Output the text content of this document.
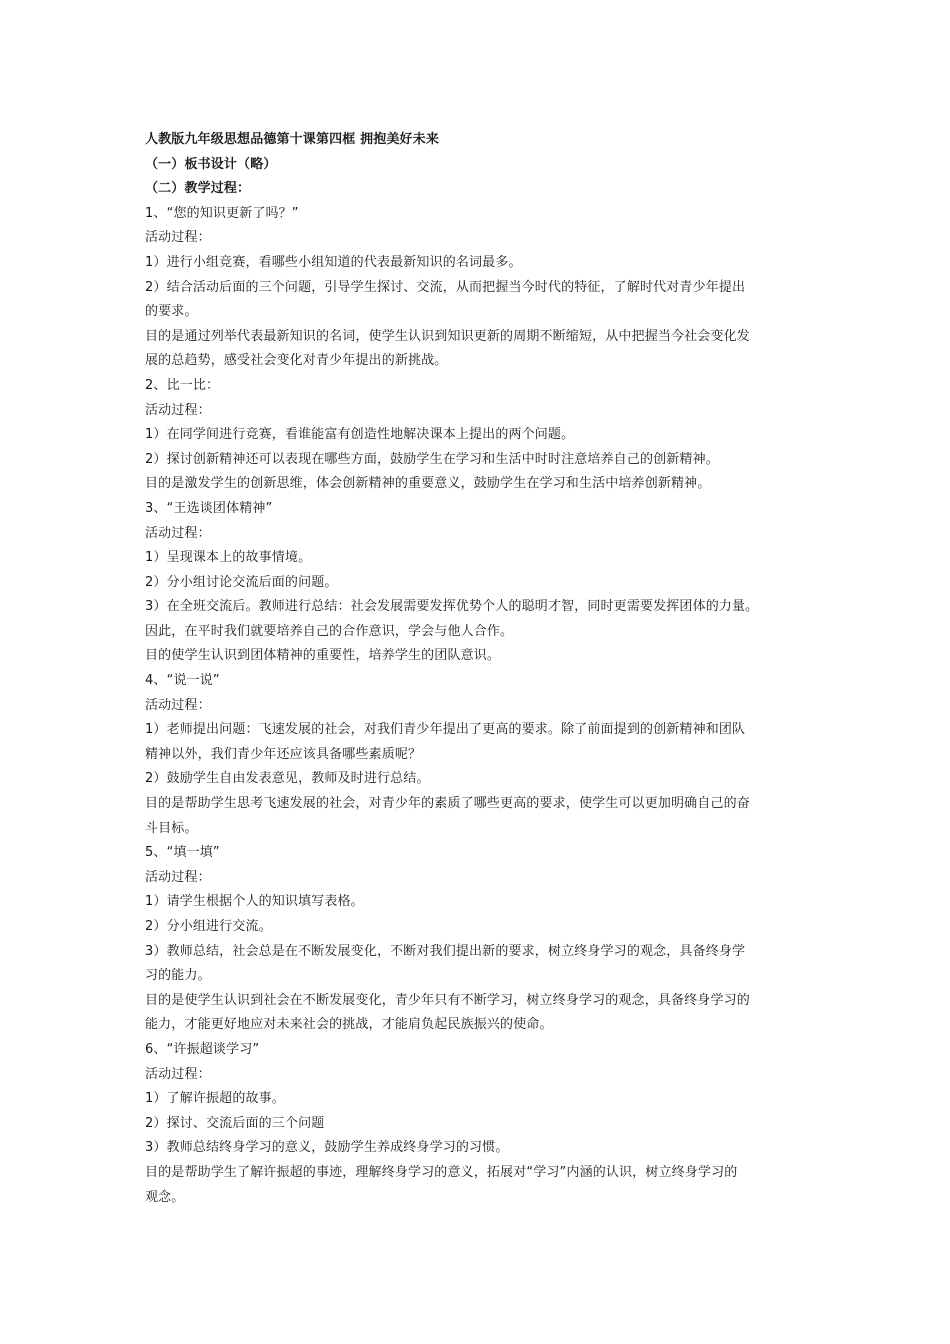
人教版九年级思想品德第十课第四框 拥抱美好未来
（一）板书设计（略）
（二）教学过程：
1、“您的知识更新了吗？”
活动过程：
1）进行小组竞赛，看哪些小组知道的代表最新知识的名词最多。
2）结合活动后面的三个问题，引导学生探讨、交流，从而把握当今时代的特征，了解时代对青少年提出
的要求。
目的是通过列举代表最新知识的名词，使学生认识到知识更新的周期不断缩短，从中把握当今社会变化发
展的总趋势，感受社会变化对青少年提出的新挑战。
2、比一比：
活动过程：
1）在同学间进行竞赛，看谁能富有创造性地解决课本上提出的两个问题。
2）探讨创新精神还可以表现在哪些方面，鼓励学生在学习和生活中时时注意培养自己的创新精神。
目的是激发学生的创新思维，体会创新精神的重要意义，鼓励学生在学习和生活中培养创新精神。
3、“王选谈团体精神”
活动过程：
1）呈现课本上的故事情境。
2）分小组讨论交流后面的问题。
3）在全班交流后。教师进行总结：社会发展需要发挥优势个人的聪明才智，同时更需要发挥团体的力量。
因此，在平时我们就要培养自己的合作意识，学会与他人合作。
目的使学生认识到团体精神的重要性，培养学生的团队意识。
4、“说一说”
活动过程：
1）老师提出问题：飞速发展的社会，对我们青少年提出了更高的要求。除了前面提到的创新精神和团队
精神以外，我们青少年还应该具备哪些素质呢？
2）鼓励学生自由发表意见，教师及时进行总结。
目的是帮助学生思考飞速发展的社会，对青少年的素质了哪些更高的要求，使学生可以更加明确自己的奋
斗目标。
5、“填一填”
活动过程：
1）请学生根据个人的知识填写表格。
2）分小组进行交流。
3）教师总结，社会总是在不断发展变化，不断对我们提出新的要求，树立终身学习的观念，具备终身学
习的能力。
目的是使学生认识到社会在不断发展变化，青少年只有不断学习，树立终身学习的观念，具备终身学习的
能力，才能更好地应对未来社会的挑战，才能肩负起民族振兴的使命。
6、“许振超谈学习”
活动过程：
1）了解许振超的故事。
2）探讨、交流后面的三个问题
3）教师总结终身学习的意义，鼓励学生养成终身学习的习惯。
目的是帮助学生了解许振超的事迹，理解终身学习的意义，拓展对“学习”内涵的认识，树立终身学习的
观念。
